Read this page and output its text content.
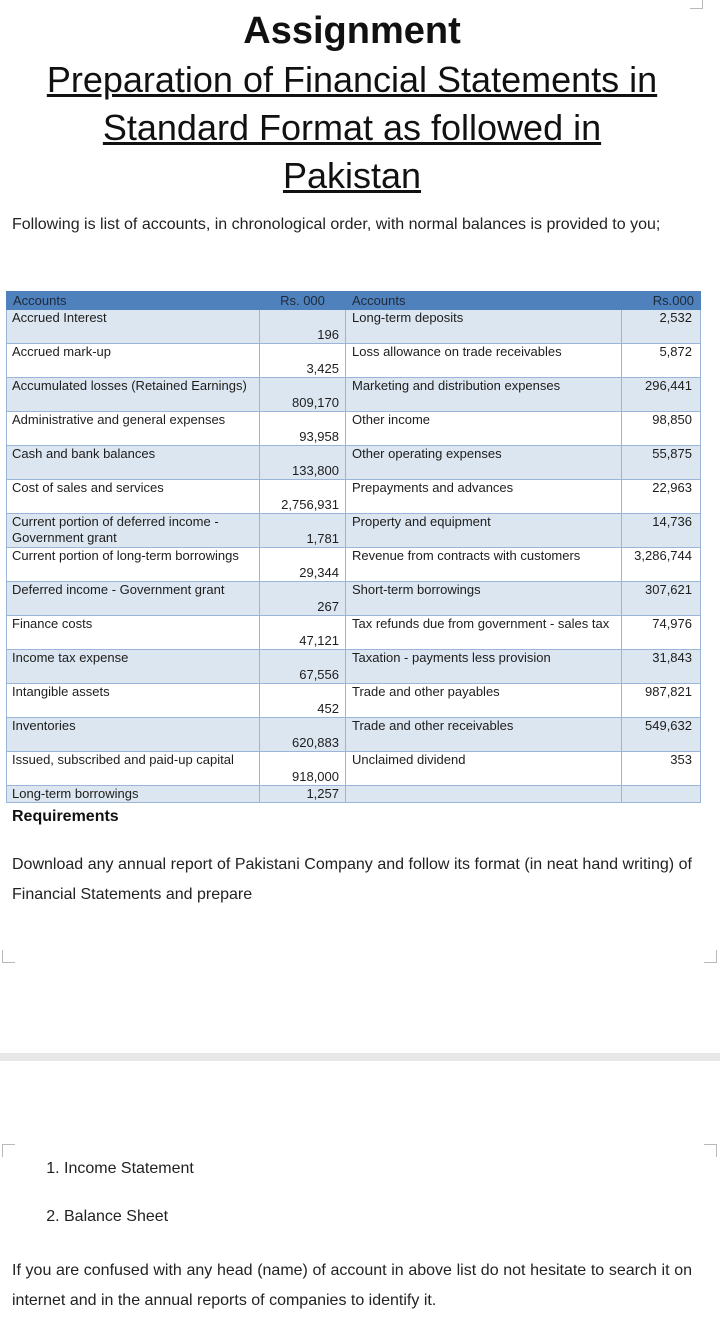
Assignment
Preparation of Financial Statements in
Standard Format as followed in
Pakistan
Following is list of accounts, in chronological order, with normal balances is provided to you;
Accounts	Rs. 000	Accounts	Rs.000
Accrued Interest	196	Long-term deposits	2,532
Accrued mark-up	3,425	Loss allowance on trade receivables	5,872
Accumulated losses (Retained Earnings)	809,170	Marketing and distribution expenses	296,441
Administrative and general expenses	93,958	Other income	98,850
Cash and bank balances	133,800	Other operating expenses	55,875
Cost of sales and services	2,756,931	Prepayments and advances	22,963
Current portion of deferred income - Government grant	1,781	Property and equipment	14,736
Current portion of long-term borrowings	29,344	Revenue from contracts with customers	3,286,744
Deferred income - Government grant	267	Short-term borrowings	307,621
Finance costs	47,121	Tax refunds due from government - sales tax	74,976
Income tax expense	67,556	Taxation - payments less provision	31,843
Intangible assets	452	Trade and other payables	987,821
Inventories	620,883	Trade and other receivables	549,632
Issued, subscribed and paid-up capital	918,000	Unclaimed dividend	353
Long-term borrowings	1,257		
Requirements
Download any annual report of Pakistani Company and follow its format (in neat hand writing) of Financial Statements and prepare
1. Income Statement
2. Balance Sheet
If you are confused with any head (name) of account in above list do not hesitate to search it on internet and in the annual reports of companies to identify it.
